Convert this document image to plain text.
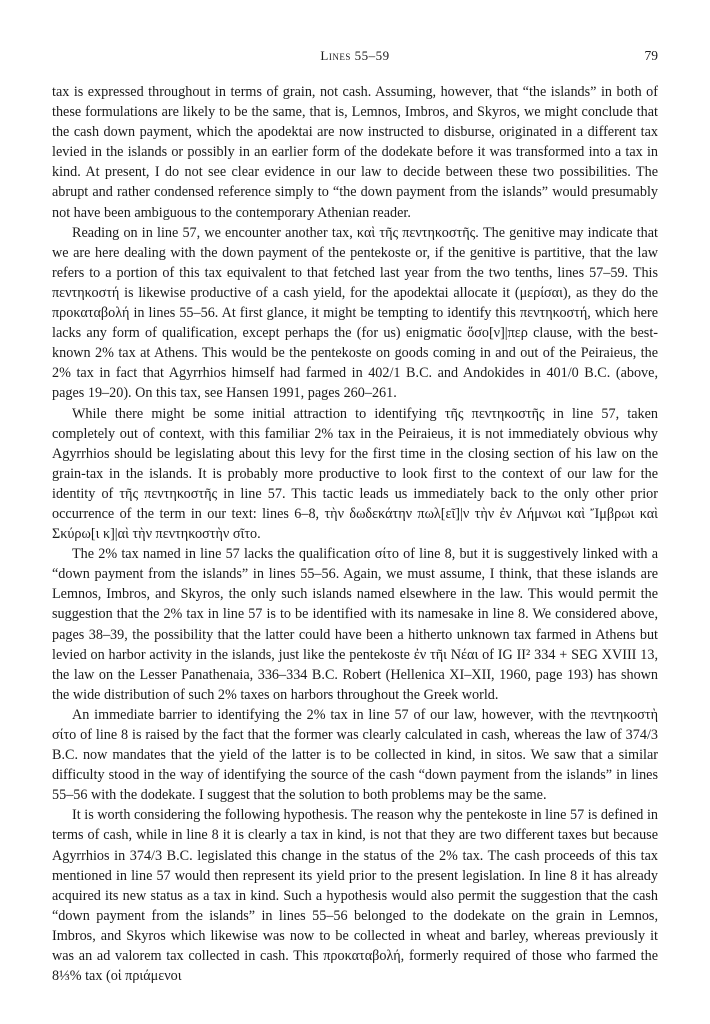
Lines 55–59	79

tax is expressed throughout in terms of grain, not cash. Assuming, however, that “the islands” in both of these formulations are likely to be the same, that is, Lemnos, Imbros, and Skyros, we might conclude that the cash down payment, which the apodektai are now instructed to disburse, originated in a different tax levied in the islands or possibly in an earlier form of the dodekate before it was transformed into a tax in kind. At present, I do not see clear evidence in our law to decide between these two possibilities. The abrupt and rather condensed reference simply to “the down payment from the islands” would presumably not have been ambiguous to the contemporary Athenian reader.

Reading on in line 57, we encounter another tax, καὶ τῆς πεντηκοστῆς. The genitive may indicate that we are here dealing with the down payment of the pentekoste or, if the genitive is partitive, that the law refers to a portion of this tax equivalent to that fetched last year from the two tenths, lines 57–59. This πεντηκοστή is likewise productive of a cash yield, for the apodektai allocate it (μερίσαι), as they do the προκαταβολή in lines 55–56. At first glance, it might be tempting to identify this πεντηκοστή, which here lacks any form of qualification, except perhaps the (for us) enigmatic ὅσο[ν]|περ clause, with the best-known 2% tax at Athens. This would be the pentekoste on goods coming in and out of the Peiraieus, the 2% tax in fact that Agyrrhios himself had farmed in 402/1 B.C. and Andokides in 401/0 B.C. (above, pages 19–20). On this tax, see Hansen 1991, pages 260–261.

While there might be some initial attraction to identifying τῆς πεντηκοστῆς in line 57, taken completely out of context, with this familiar 2% tax in the Peiraieus, it is not immediately obvious why Agyrrhios should be legislating about this levy for the first time in the closing section of his law on the grain-tax in the islands. It is probably more productive to look first to the context of our law for the identity of τῆς πεντηκοστῆς in line 57. This tactic leads us immediately back to the only other prior occurrence of the term in our text: lines 6–8, τὴν δωδεκάτην πωλ[εῖ]|ν τὴν ἐν Λήμνωι καὶ Ἴμβρωι καὶ Σκύρω[ι κ]|αὶ τὴν πεντηκοστὴν σῖτο.

The 2% tax named in line 57 lacks the qualification σίτο of line 8, but it is suggestively linked with a “down payment from the islands” in lines 55–56. Again, we must assume, I think, that these islands are Lemnos, Imbros, and Skyros, the only such islands named elsewhere in the law. This would permit the suggestion that the 2% tax in line 57 is to be identified with its namesake in line 8. We considered above, pages 38–39, the possibility that the latter could have been a hitherto unknown tax farmed in Athens but levied on harbor activity in the islands, just like the pentekoste ἐν τῆι Νέαι of IG II² 334 + SEG XVIII 13, the law on the Lesser Panathenaia, 336–334 B.C. Robert (Hellenica XI–XII, 1960, page 193) has shown the wide distribution of such 2% taxes on harbors throughout the Greek world.

An immediate barrier to identifying the 2% tax in line 57 of our law, however, with the πεντηκοστὴ σίτο of line 8 is raised by the fact that the former was clearly calculated in cash, whereas the law of 374/3 B.C. now mandates that the yield of the latter is to be collected in kind, in sitos. We saw that a similar difficulty stood in the way of identifying the source of the cash “down payment from the islands” in lines 55–56 with the dodekate. I suggest that the solution to both problems may be the same.

It is worth considering the following hypothesis. The reason why the pentekoste in line 57 is defined in terms of cash, while in line 8 it is clearly a tax in kind, is not that they are two different taxes but because Agyrrhios in 374/3 B.C. legislated this change in the status of the 2% tax. The cash proceeds of this tax mentioned in line 57 would then represent its yield prior to the present legislation. In line 8 it has already acquired its new status as a tax in kind. Such a hypothesis would also permit the suggestion that the cash “down payment from the islands” in lines 55–56 belonged to the dodekate on the grain in Lemnos, Imbros, and Skyros which likewise was now to be collected in wheat and barley, whereas previously it was an ad valorem tax collected in cash. This προκαταβολή, formerly required of those who farmed the 8⅓% tax (οἱ πριάμενοι
